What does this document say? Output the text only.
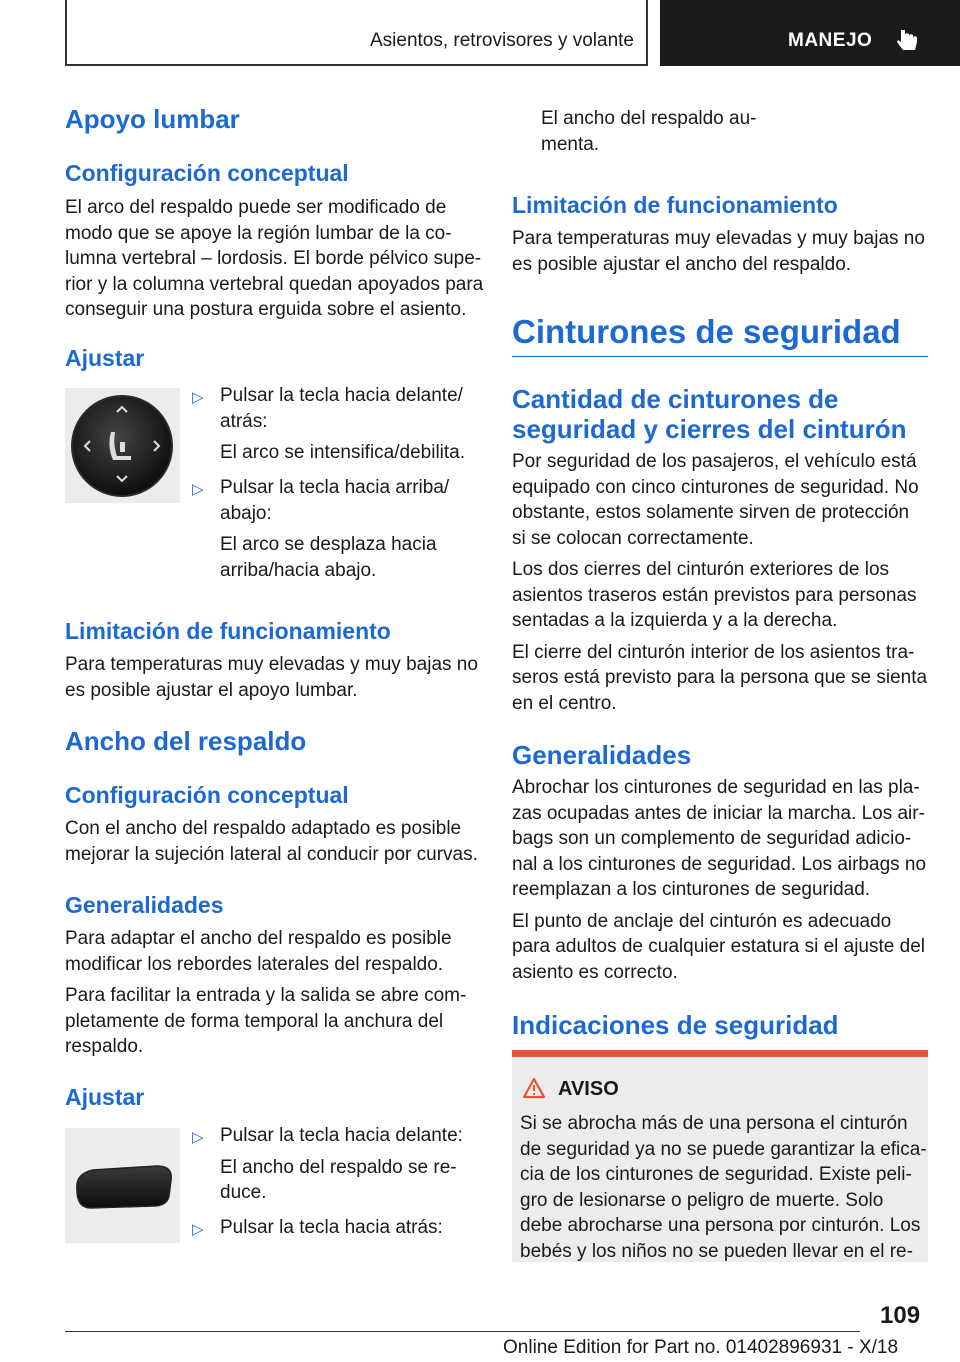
Asientos, retrovisores y volante	MANEJO
Apoyo lumbar
Configuración conceptual
El arco del respaldo puede ser modificado de
modo que se apoye la región lumbar de la co‐
lumna vertebral – lordosis. El borde pélvico supe‐
rior y la columna vertebral quedan apoyados para
conseguir una postura erguida sobre el asiento.
Ajustar
▷ Pulsar la tecla hacia delante/
atrás:
El arco se intensifica/debilita.
▷ Pulsar la tecla hacia arriba/
abajo:
El arco se desplaza hacia
arriba/hacia abajo.
Limitación de funcionamiento
Para temperaturas muy elevadas y muy bajas no
es posible ajustar el apoyo lumbar.
Ancho del respaldo
Configuración conceptual
Con el ancho del respaldo adaptado es posible
mejorar la sujeción lateral al conducir por curvas.
Generalidades
Para adaptar el ancho del respaldo es posible
modificar los rebordes laterales del respaldo.
Para facilitar la entrada y la salida se abre com‐
pletamente de forma temporal la anchura del
respaldo.
Ajustar
▷ Pulsar la tecla hacia delante:
El ancho del respaldo se re‐
duce.
▷ Pulsar la tecla hacia atrás:
El ancho del respaldo au‐
menta.
Limitación de funcionamiento
Para temperaturas muy elevadas y muy bajas no
es posible ajustar el ancho del respaldo.
Cinturones de seguridad
Cantidad de cinturones de
seguridad y cierres del cinturón
Por seguridad de los pasajeros, el vehículo está
equipado con cinco cinturones de seguridad. No
obstante, estos solamente sirven de protección
si se colocan correctamente.
Los dos cierres del cinturón exteriores de los
asientos traseros están previstos para personas
sentadas a la izquierda y a la derecha.
El cierre del cinturón interior de los asientos tra‐
seros está previsto para la persona que se sienta
en el centro.
Generalidades
Abrochar los cinturones de seguridad en las pla‐
zas ocupadas antes de iniciar la marcha. Los air‐
bags son un complemento de seguridad adicio‐
nal a los cinturones de seguridad. Los airbags no
reemplazan a los cinturones de seguridad.
El punto de anclaje del cinturón es adecuado
para adultos de cualquier estatura si el ajuste del
asiento es correcto.
Indicaciones de seguridad
AVISO
Si se abrocha más de una persona el cinturón
de seguridad ya no se puede garantizar la efica‐
cia de los cinturones de seguridad. Existe peli‐
gro de lesionarse o peligro de muerte. Solo
debe abrocharse una persona por cinturón. Los
bebés y los niños no se pueden llevar en el re‐
109
Online Edition for Part no. 01402896931 - X/18
